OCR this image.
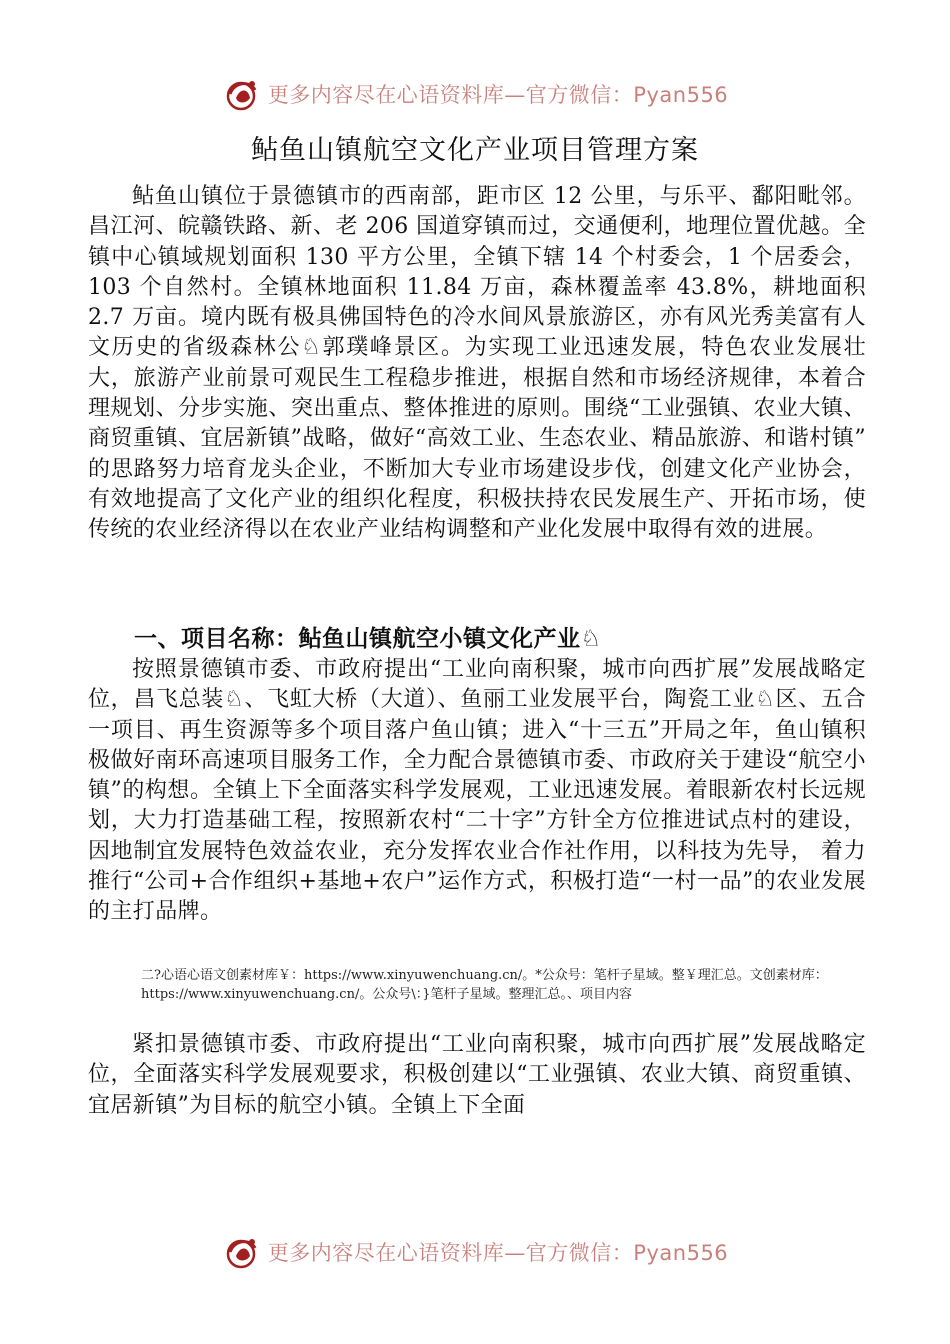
更多内容尽在心语资料库—官方微信：Pyan556
鲇鱼山镇航空文化产业项目管理方案

鲇鱼山镇位于景德镇市的西南部，距市区 12 公里，与乐平、鄱阳毗邻。昌江河、皖赣铁路、新、老 206 国道穿镇而过，交通便利，地理位置优越。全镇中心镇域规划面积 130 平方公里，全镇下辖 14 个村委会，1 个居委会，103 个自然村。全镇林地面积 11.84 万亩，森林覆盖率 43.8%，耕地面积 2.7 万亩。境内既有极具佛国特色的冷水间风景旅游区，亦有风光秀美富有人文历史的省级森林公♘郭璞峰景区。为实现工业迅速发展，特色农业发展壮大，旅游产业前景可观民生工程稳步推进，根据自然和市场经济规律，本着合理规划、分步实施、突出重点、整体推进的原则。围绕“工业强镇、农业大镇、商贸重镇、宜居新镇”战略，做好“高效工业、生态农业、精品旅游、和谐村镇” 的思路努力培育龙头企业，不断加大专业市场建设步伐，创建文化产业协会，有效地提高了文化产业的组织化程度，积极扶持农民发展生产、开拓市场，使传统的农业经济得以在农业产业结构调整和产业化发展中取得有效的进展。

一、项目名称：鲇鱼山镇航空小镇文化产业♘

按照景德镇市委、市政府提出“工业向南积聚，城市向西扩展”发展战略定位，昌飞总装♘、飞虹大桥（大道）、鱼丽工业发展平台，陶瓷工业♘区、五合一项目、再生资源等多个项目落户鱼山镇；进入“十三五”开局之年，鱼山镇积极做好南环高速项目服务工作，全力配合景德镇市委、市政府关于建设“航空小镇”的构想。全镇上下全面落实科学发展观，工业迅速发展。着眼新农村长远规划，大力打造基础工程，按照新农村“二十字”方针全方位推进试点村的建设，因地制宜发展特色效益农业，充分发挥农业合作社作用，以科技为先导， 着力推行“公司+合作组织+基地+农户”运作方式，积极打造“一村一品”的农业发展的主打品牌。

二?心语心语文创素材库￥：https://www.xinyuwenchuang.cn/。*公众号：笔杆子星域。整￥理汇总。文创素材库：https://www.xinyuwenchuang.cn/。公众号\：}笔杆子星域。整理汇总。、项目内容

紧扣景德镇市委、市政府提出“工业向南积聚，城市向西扩展”发展战略定位，全面落实科学发展观要求，积极创建以“工业强镇、农业大镇、商贸重镇、宜居新镇”为目标的航空小镇。全镇上下全面

更多内容尽在心语资料库—官方微信：Pyan556
